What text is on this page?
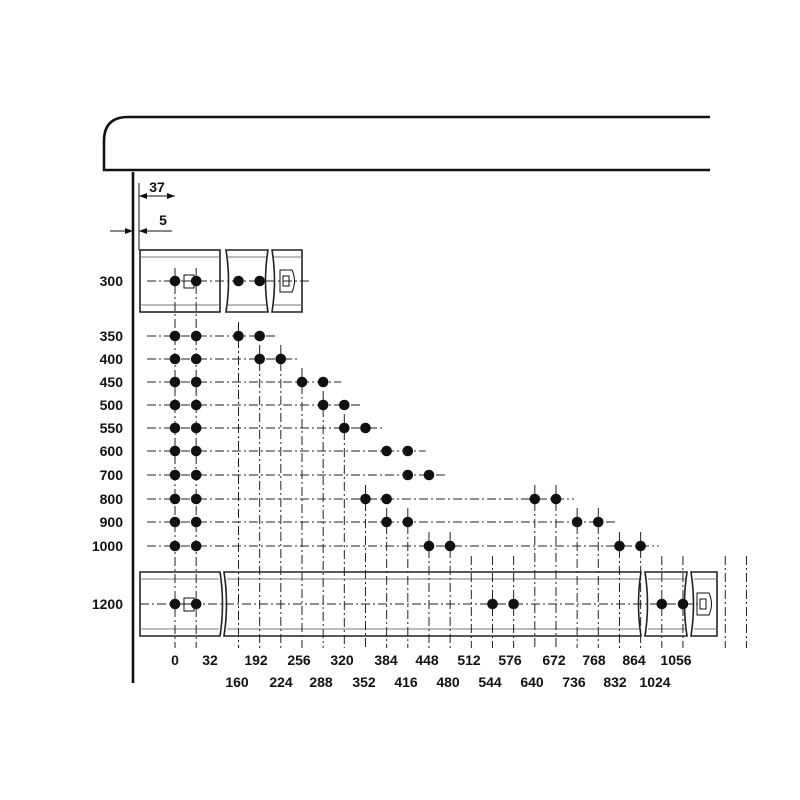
37
5
300
350
400
450
500
550
600
700
800
900
1000
1200
0 32 192 256 320 384 448 512 576 672 768 864 1056
160 224 288 352 416 480 544 640 736 832 1024
